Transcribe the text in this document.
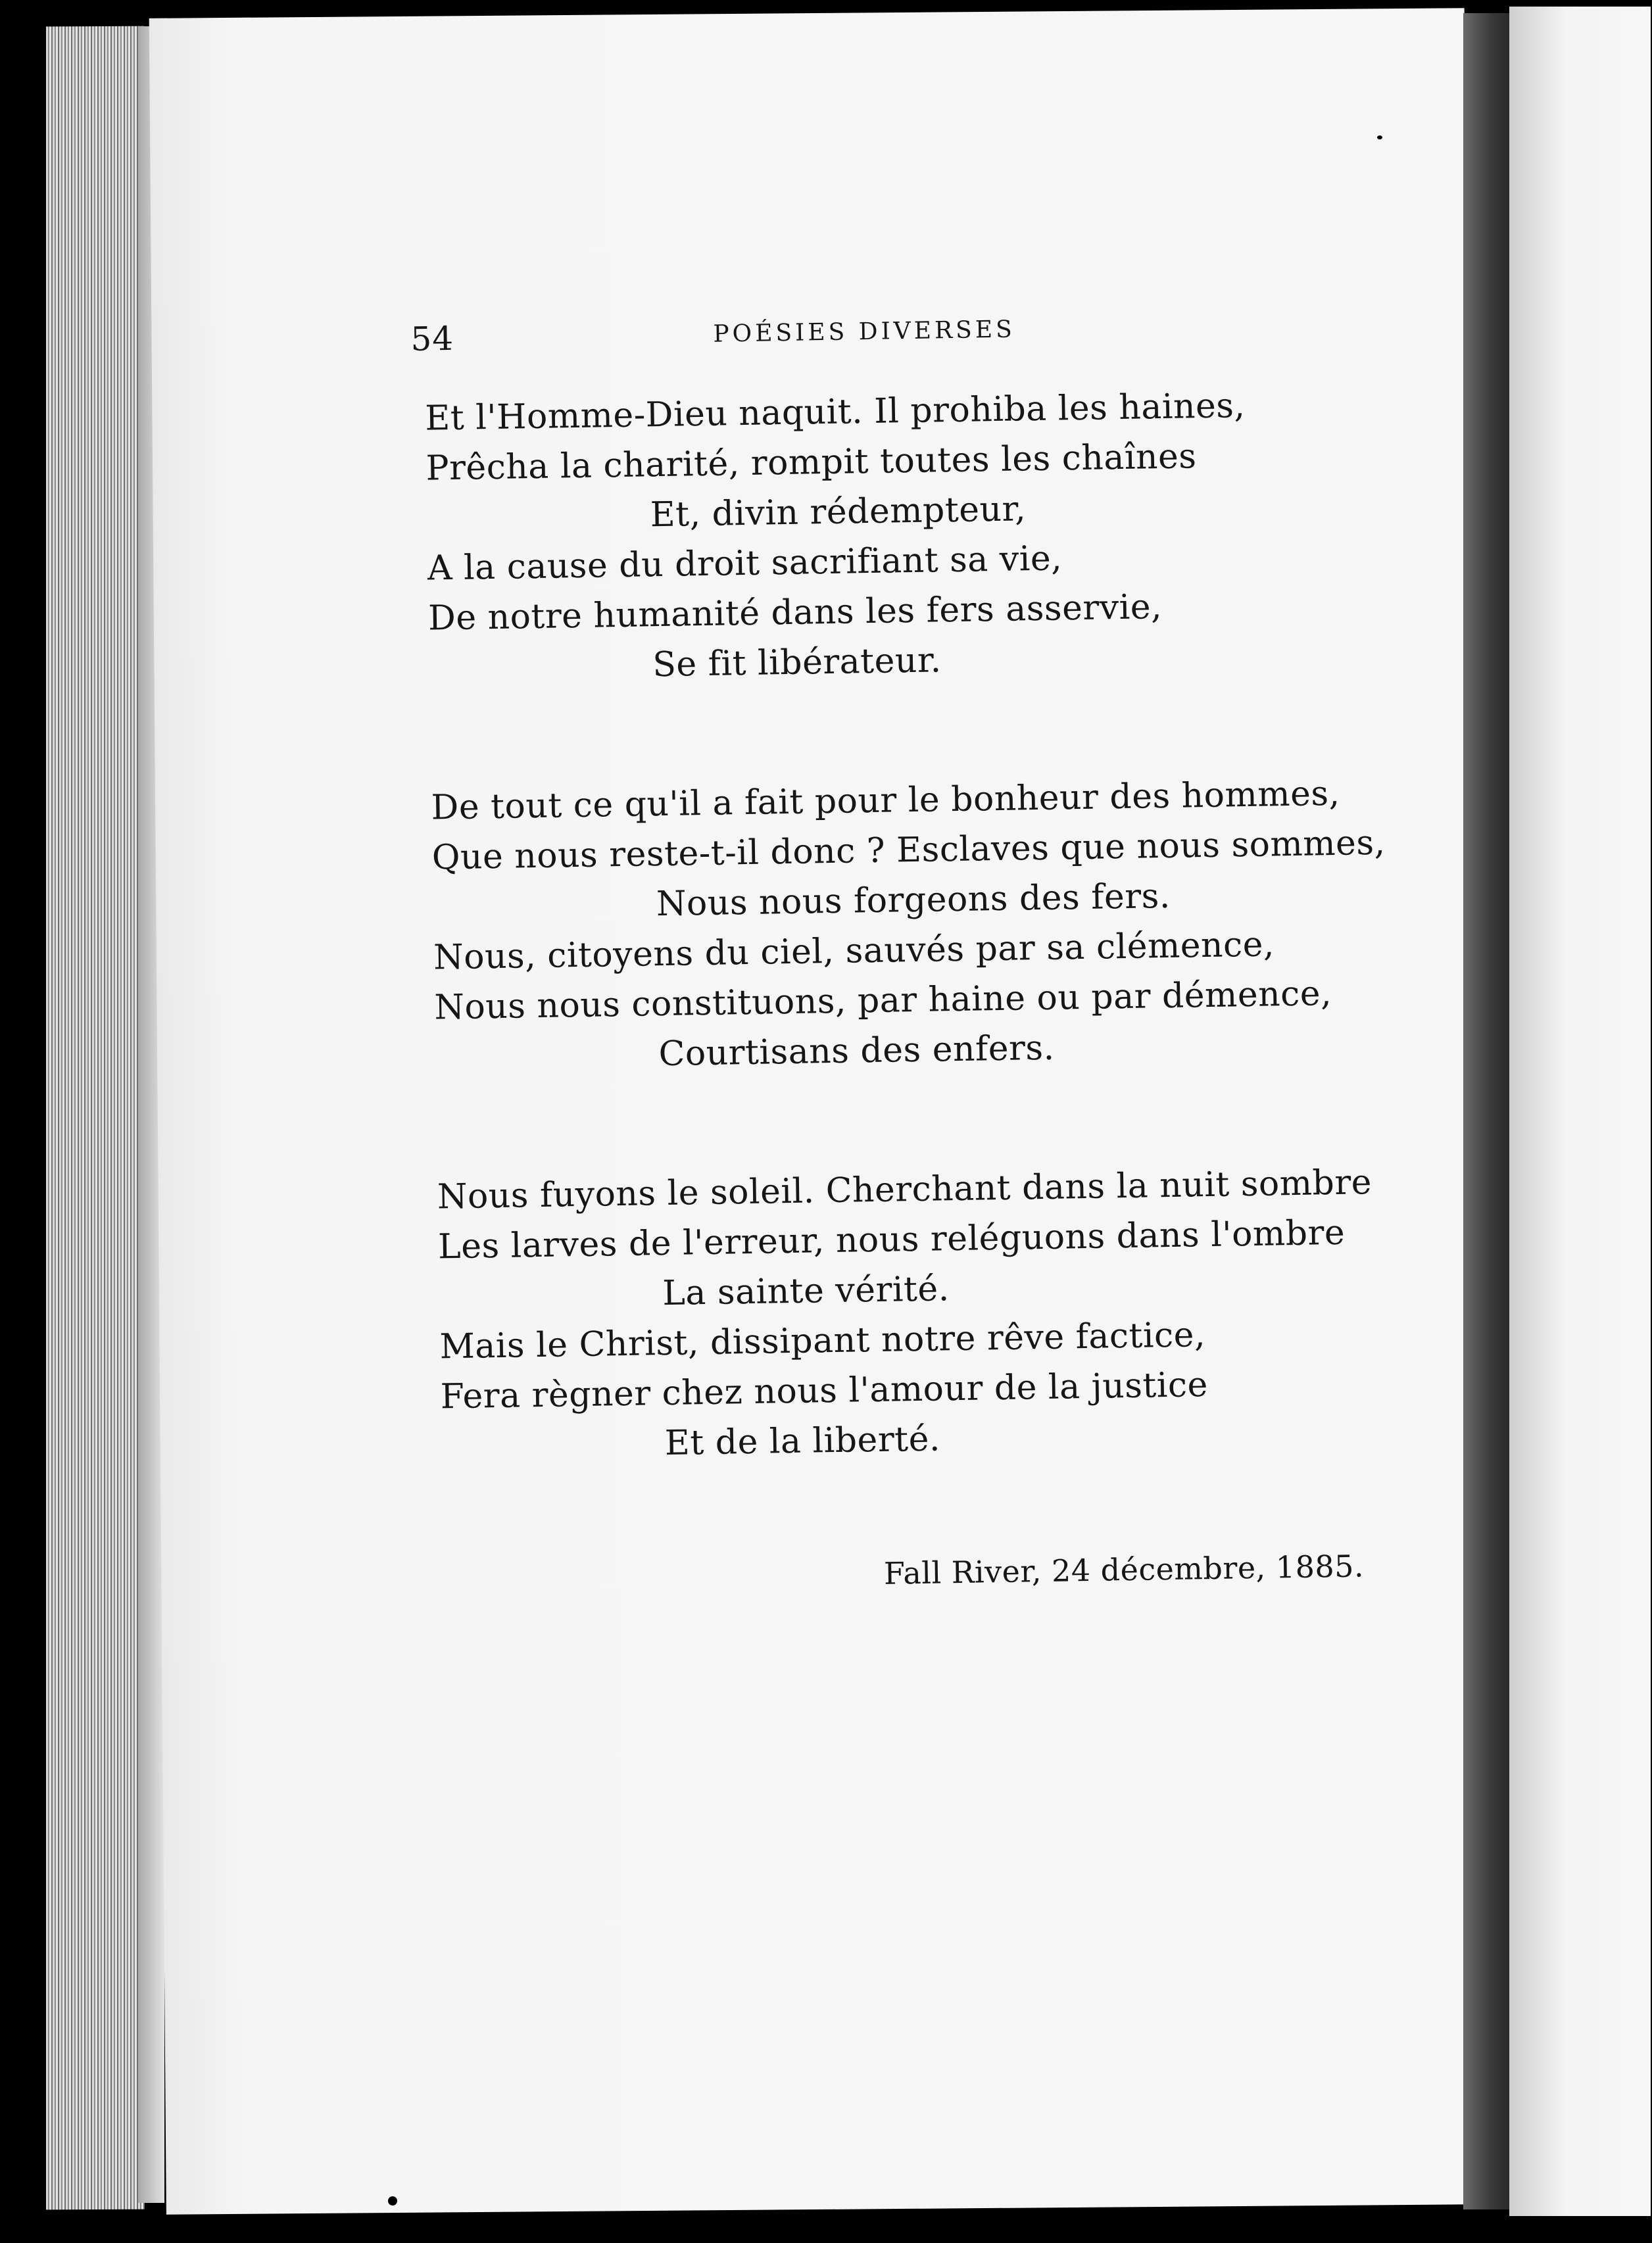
54	POÉSIES DIVERSES
Et l'Homme-Dieu naquit. Il prohiba les haines,
Prêcha la charité, rompit toutes les chaînes
Et, divin rédempteur,
A la cause du droit sacrifiant sa vie,
De notre humanité dans les fers asservie,
Se fit libérateur.
De tout ce qu'il a fait pour le bonheur des hommes,
Que nous reste-t-il donc ? Esclaves que nous sommes,
Nous nous forgeons des fers.
Nous, citoyens du ciel, sauvés par sa clémence,
Nous nous constituons, par haine ou par démence,
Courtisans des enfers.
Nous fuyons le soleil. Cherchant dans la nuit sombre
Les larves de l'erreur, nous reléguons dans l'ombre
La sainte vérité.
Mais le Christ, dissipant notre rêve factice,
Fera règner chez nous l'amour de la justice
Et de la liberté.
Fall River, 24 décembre, 1885.
